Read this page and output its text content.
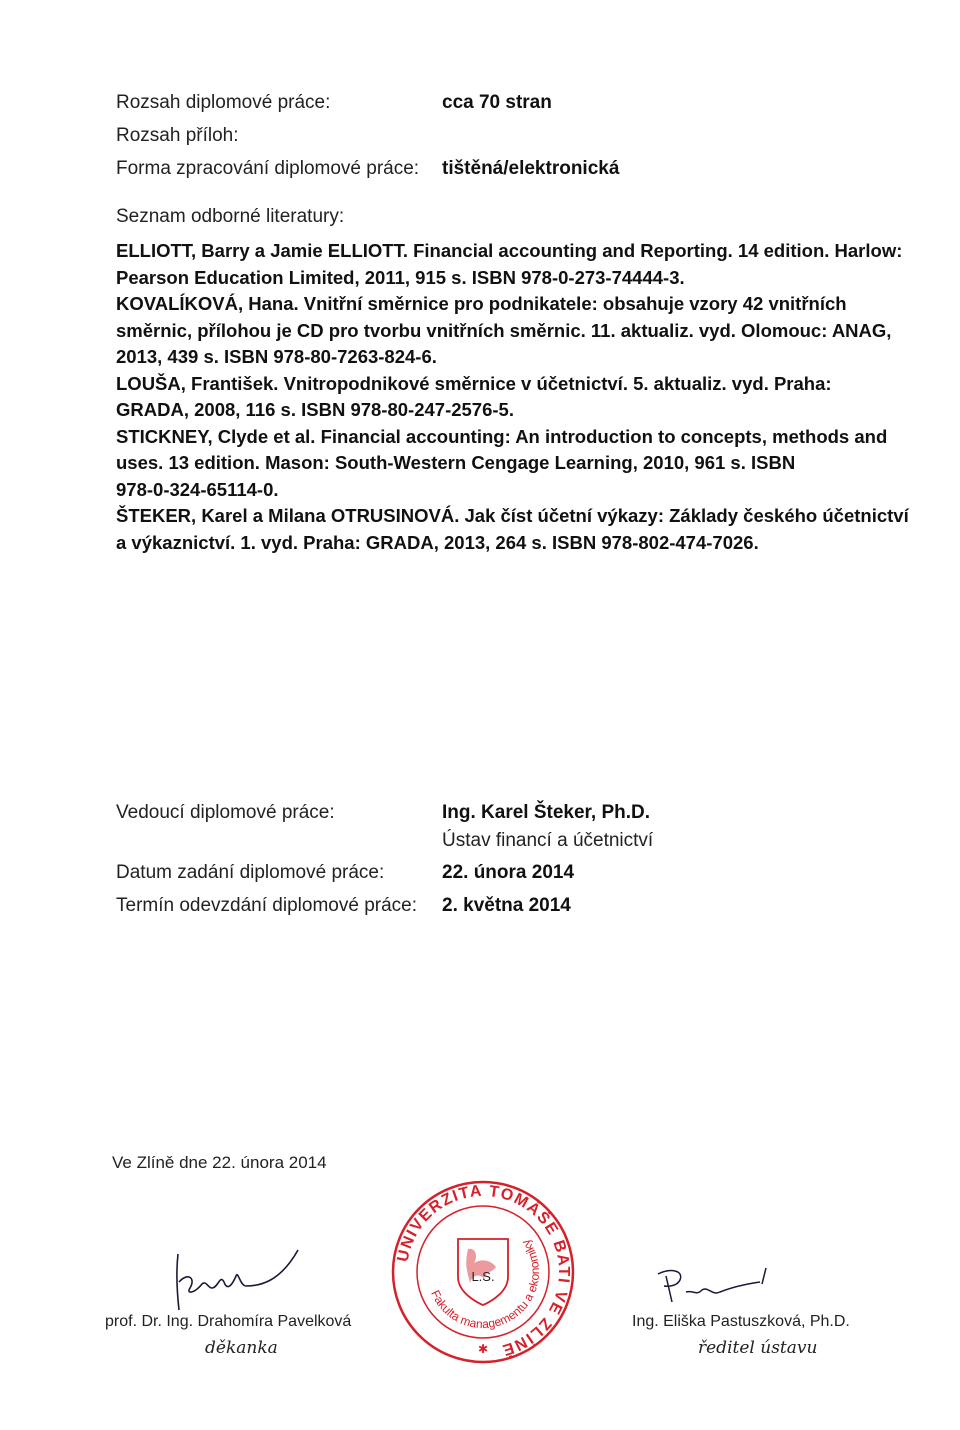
Rozsah diplomové práce:	cca 70 stran
Rozsah příloh:
Forma zpracování diplomové práce: tištěná/elektronická
Seznam odborné literatury:

ELLIOTT, Barry a Jamie ELLIOTT. Financial accounting and Reporting. 14 edition. Harlow:

Pearson Education Limited, 2011, 915 s. ISBN 978-0-273-74444-3.

KOVALÍKOVÁ, Hana. Vnitřní směrnice pro podnikatele: obsahuje vzory 42 vnitřních

směrnic, přílohou je CD pro tvorbu vnitřních směrnic. 11. aktualiz. vyd. Olomouc: ANAG,

2013, 439 s. ISBN 978-80-7263-824-6.

LOUŠA, František. Vnitropodnikové směrnice v účetnictví. 5. aktualiz. vyd. Praha:

GRADA, 2008, 116 s. ISBN 978-80-247-2576-5.

STICKNEY, Clyde et al. Financial accounting: An introduction to concepts, methods and

uses. 13 edition. Mason: South-Western Cengage Learning, 2010, 961 s. ISBN

978-0-324-65114-0.

ŠTEKER, Karel a Milana OTRUSINOVÁ. Jak číst účetní výkazy: Základy českého účetnictví

a výkaznictví. 1. vyd. Praha: GRADA, 2013, 264 s. ISBN 978-802-474-7026.

Vedoucí diplomové práce:	Ing. Karel Šteker, Ph.D.
Ústav financí a účetnictví
Datum zadání diplomové práce:	22. února 2014
Termín odevzdání diplomové práce: 2. května 2014
Ve Zlíně dne 22. února 2014
prof. Dr. Ing. Drahomíra Pavelková
děkanka
UNIVERZITA TOMÁŠE BATI VE ZLÍNĚ
Fakulta managementu a ekonomiky
L.S.
✱
Ing. Eliška Pastuszková, Ph.D.
ředitel ústavu
